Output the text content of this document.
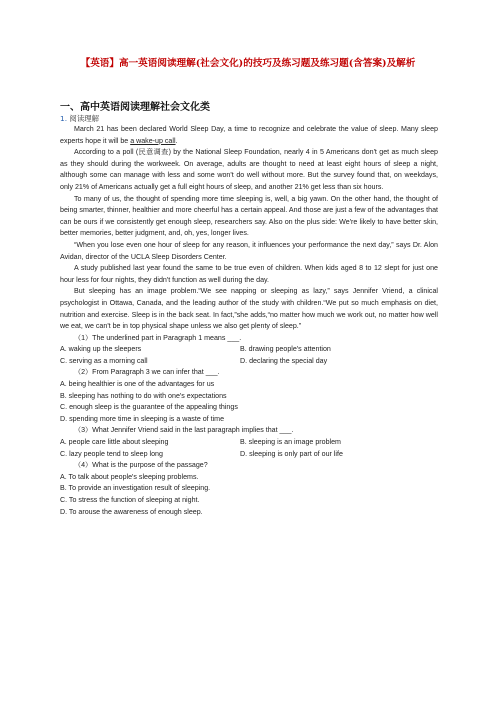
【英语】高一英语阅读理解(社会文化)的技巧及练习题及练习题(含答案)及解析
一、高中英语阅读理解社会文化类
1. 阅读理解

March 21 has been declared World Sleep Day, a time to recognize and celebrate the value of sleep. Many sleep experts hope it will be a wake-up call.

According to a poll (民意调查) by the National Sleep Foundation, nearly 4 in 5 Americans don't get as much sleep as they should during the workweek. On average, adults are thought to need at least eight hours of sleep a night, although some can manage with less and some won't do well without more. But the survey found that, on weekdays, only 21% of Americans actually get a full eight hours of sleep, and another 21% get less than six hours.

To many of us, the thought of spending more time sleeping is, well, a big yawn. On the other hand, the thought of being smarter, thinner, healthier and more cheerful has a certain appeal. And those are just a few of the advantages that can be ours if we consistently get enough sleep, researchers say. Also on the plus side: We're likely to have better skin, better memories, better judgment, and, oh, yes, longer lives.

“When you lose even one hour of sleep for any reason, it influences your performance the next day,” says Dr. Alon Avidan, director of the UCLA Sleep Disorders Center.

A study published last year found the same to be true even of children. When kids aged 8 to 12 slept for just one hour less for four nights, they didn't function as well during the day.

But sleeping has an image problem.“We see napping or sleeping as lazy,” says Jennifer Vriend, a clinical psychologist in Ottawa, Canada, and the leading author of the study with children.“We put so much emphasis on diet, nutrition and exercise. Sleep is in the back seat. In fact,”she adds,“no matter how much we work out, no matter how well we eat, we can't be in top physical shape unless we also get plenty of sleep.”

（1）The underlined part in Paragraph 1 means ___.

A. waking up the sleepers	B. drawing people's attention
C. serving as a morning call	D. declaring the special day

（2）From Paragraph 3 we can infer that ___.

A. being healthier is one of the advantages for us

B. sleeping has nothing to do with one's expectations

C. enough sleep is the guarantee of the appealing things

D. spending more time in sleeping is a waste of time

（3）What Jennifer Vriend said in the last paragraph implies that ___.

A. people care little about sleeping	B. sleeping is an image problem
C. lazy people tend to sleep long	D. sleeping is only part of our life

（4）What is the purpose of the passage?

A. To talk about people's sleeping problems.

B. To provide an investigation result of sleeping.

C. To stress the function of sleeping at night.

D. To arouse the awareness of enough sleep.
